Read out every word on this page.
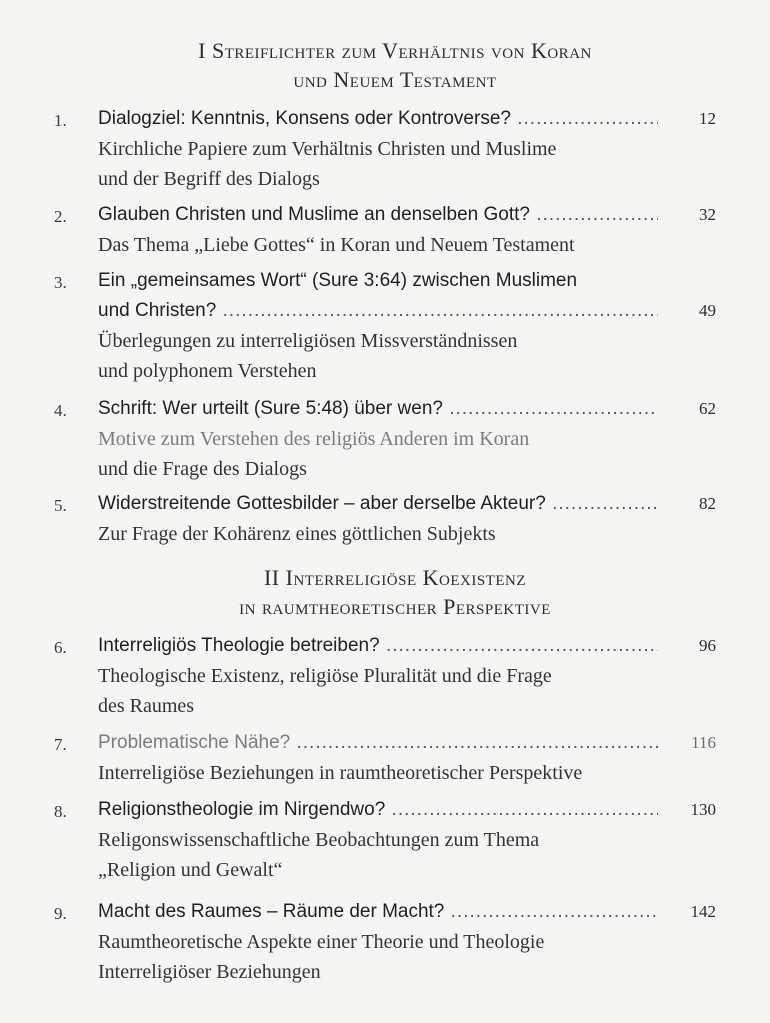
I Streiflichter zum Verhältnis von Koran
und Neuem Testament
1. Dialogziel: Kenntnis, Konsens oder Kontroverse? .....	12
Kirchliche Papiere zum Verhältnis Christen und Muslime
und der Begriff des Dialogs
2. Glauben Christen und Muslime an denselben Gott? .....	32
Das Thema „Liebe Gottes“ in Koran und Neuem Testament
3. Ein „gemeinsames Wort“ (Sure 3:64) zwischen Muslimen
und Christen? .....	49
Überlegungen zu interreligiösen Missverständnissen
und polyphonem Verstehen
4. Schrift: Wer urteilt (Sure 5:48) über wen? .....	62
Motive zum Verstehen des religiös Anderen im Koran
und die Frage des Dialogs
5. Widerstreitende Gottesbilder – aber derselbe Akteur? .....	82
Zur Frage der Kohärenz eines göttlichen Subjekts
II Interreligiöse Koexistenz
in raumtheoretischer Perspektive
6. Interreligiös Theologie betreiben? .....	96
Theologische Existenz, religiöse Pluralität und die Frage
des Raumes
7. Problematische Nähe? .....	116
Interreligiöse Beziehungen in raumtheoretischer Perspektive
8. Religionstheologie im Nirgendwo? .....	130
Religonswissenschaftliche Beobachtungen zum Thema
„Religion und Gewalt“
9. Macht des Raumes – Räume der Macht? .....	142
Raumtheoretische Aspekte einer Theorie und Theologie
Interreligiöser Beziehungen
